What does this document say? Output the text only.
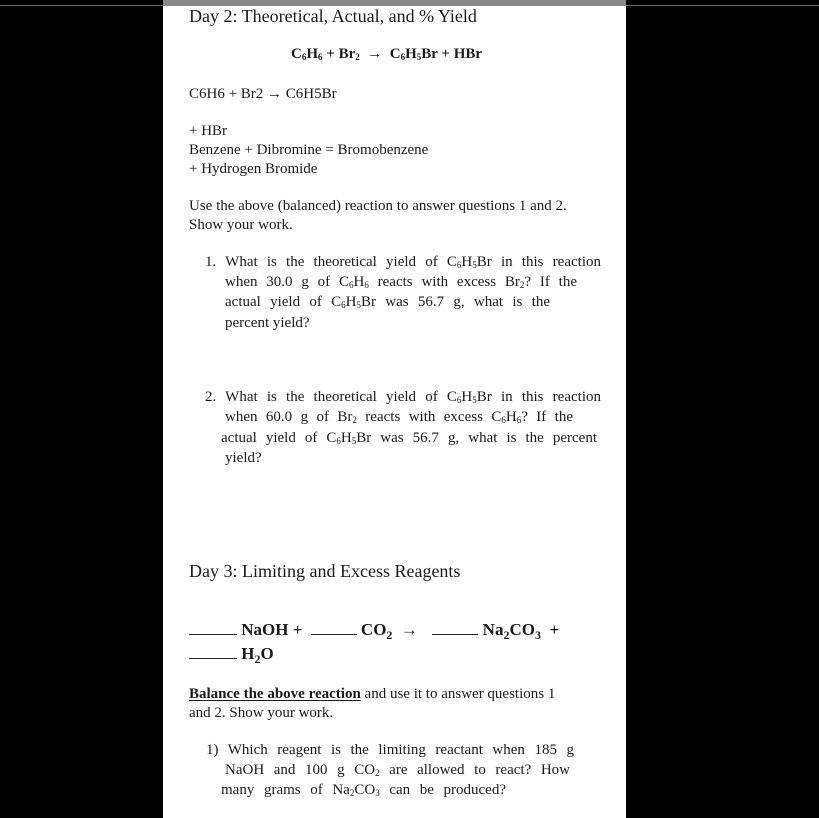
Day 2: Theoretical, Actual, and % Yield
$C_6H_6 + Br_2 \to C_6H_5Br$ + HBr
C6H6 + Br2 → C6H5Br
+ HBr
Benzene + Dibromine = Bromobenzene
+ Hydrogen Bromide
Use the above (balanced) reaction to answer questions 1 and 2.
Show your work.
1. What is the theoretical yield of $C_6H_5Br$ in this reaction
when 30.0 g of $C_6H_6$ reacts with excess $Br_2$? If the
actual yield of $C_6H_5Br$ was 56.7 g, what is the
percent yield?
2. What is the theoretical yield of $C_6H_5Br$ in this reaction
when 60.0 g of $Br_2$ reacts with excess $C_6H_6$? If the
actual yield of $C_6H_5Br$ was 56.7 g, what is the percent
yield?
Day 3: Limiting and Excess Reagents
NaOH +	$CO_2$ →	$Na_2CO_3$ +
$H_2O$
Balance the above reaction and use it to answer questions 1
and 2. Show your work.
1) Which reagent is the limiting reactant when 185 g
NaOH and 100 g $CO_2$ are allowed to react? How
many grams of $Na_2CO_3$ can be produced?
